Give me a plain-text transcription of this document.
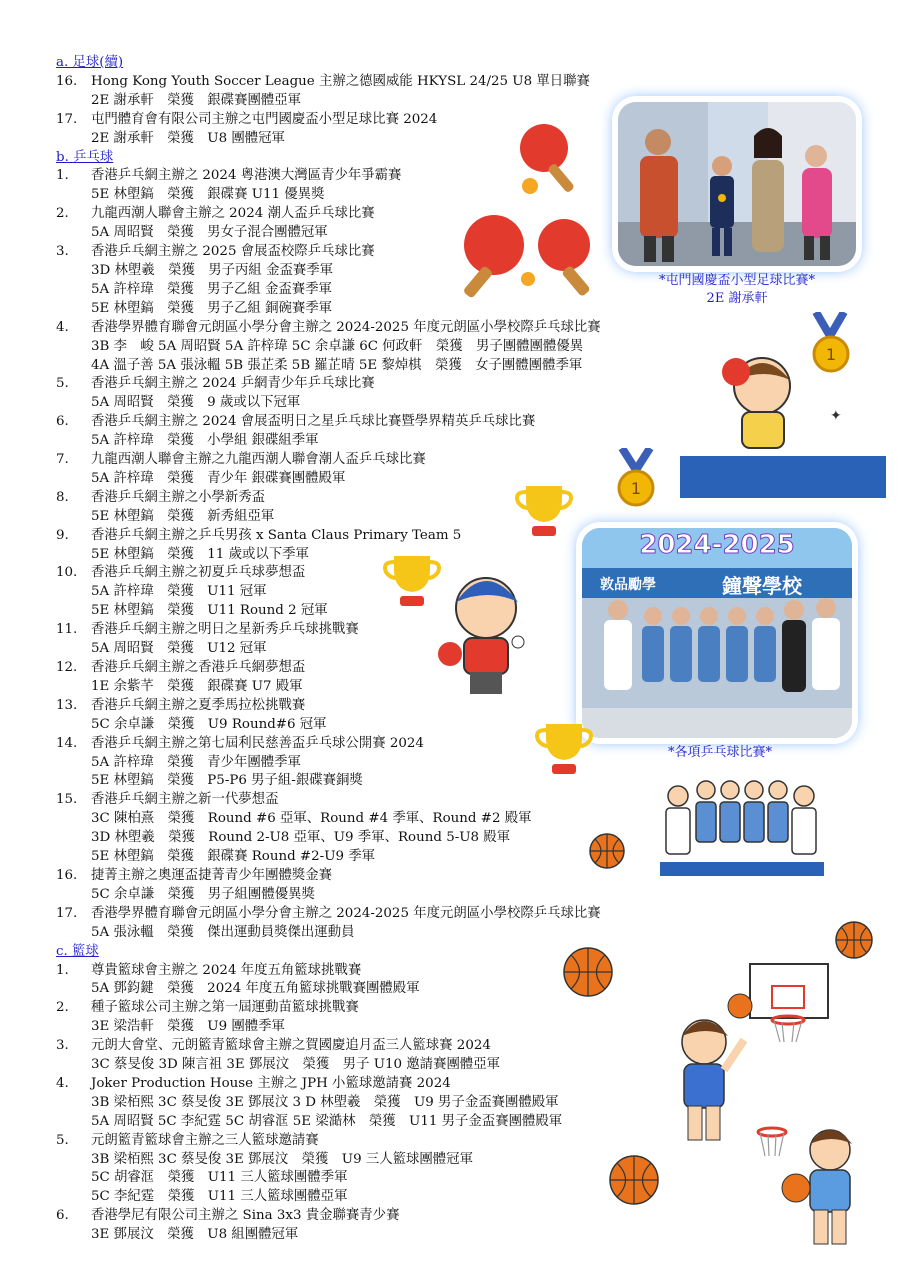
a. 足球(續)
16. Hong Kong Youth Soccer League 主辦之德國威能 HKYSL 24/25 U8 單日聯賽
2E 謝承軒　榮獲　銀碟賽團體亞軍
17. 屯門體育會有限公司主辦之屯門國慶盃小型足球比賽 2024
2E 謝承軒　榮獲　U8 團體冠軍
b. 乒乓球
1. 香港乒乓網主辦之 2024 粵港澳大灣區青少年爭霸賽
5E 林塱鎬　榮獲　銀碟賽 U11 優異獎
2. 九龍西潮人聯會主辦之 2024 潮人盃乒乓球比賽
5A 周昭賢　榮獲　男女子混合團體冠軍
3. 香港乒乓網主辦之 2025 會展盃校際乒乓球比賽
3D 林塱羲　榮獲　男子丙組 金盃賽季軍
5A 許梓瑋　榮獲　男子乙組 金盃賽季軍
5E 林塱鎬　榮獲　男子乙組 銅碗賽季軍
4. 香港學界體育聯會元朗區小學分會主辦之 2024-2025 年度元朗區小學校際乒乓球比賽
3B 李　峻 5A 周昭賢 5A 許梓瑋 5C 余卓謙 6C 何政軒　榮獲　男子團體團體優異
4A 溫子善 5A 張泳轀 5B 張芷柔 5B 羅芷晴 5E 黎焯棋　榮獲　女子團體團體季軍
5. 香港乒乓網主辦之 2024 乒網青少年乒乓球比賽
5A 周昭賢　榮獲　9 歲或以下冠軍
6. 香港乒乓網主辦之 2024 會展盃明日之星乒乓球比賽暨學界精英乒乓球比賽
5A 許梓瑋　榮獲　小學組 銀碟組季軍
7. 九龍西潮人聯會主辦之九龍西潮人聯會潮人盃乒乓球比賽
5A 許梓瑋　榮獲　青少年 銀碟賽團體殿軍
8. 香港乒乓網主辦之小學新秀盃
5E 林塱鎬　榮獲　新秀組亞軍
9. 香港乒乓網主辦之乒乓男孩 x Santa Claus Primary Team 5
5E 林塱鎬　榮獲　11 歲或以下季軍
10. 香港乒乓網主辦之初夏乒乓球夢想盃
5A 許梓瑋　榮獲　U11 冠軍
5E 林塱鎬　榮獲　U11 Round 2 冠軍
11. 香港乒乓網主辦之明日之星新秀乒乓球挑戰賽
5A 周昭賢　榮獲　U12 冠軍
12. 香港乒乓網主辦之香港乒乓網夢想盃
1E 余紫芊　榮獲　銀碟賽 U7 殿軍
13. 香港乒乓網主辦之夏季馬拉松挑戰賽
5C 余卓謙　榮獲　U9 Round#6 冠軍
14. 香港乒乓網主辦之第七屆利民慈善盃乒乓球公開賽 2024
5A 許梓瑋　榮獲　青少年團體季軍
5E 林塱鎬　榮獲　P5-P6 男子組-銀碟賽銅獎
15. 香港乒乓網主辦之新一代夢想盃
3C 陳柏熹　榮獲　Round #6 亞軍、Round #4 季軍、Round #2 殿軍
3D 林塱羲　榮獲　Round 2-U8 亞軍、U9 季軍、Round 5-U8 殿軍
5E 林塱鎬　榮獲　銀碟賽 Round #2-U9 季軍
16. 捷菁主辦之奧運盃捷菁青少年團體獎金賽
5C 余卓謙　榮獲　男子組團體優異獎
17. 香港學界體育聯會元朗區小學分會主辦之 2024-2025 年度元朗區小學校際乒乓球比賽
5A 張泳轀　榮獲　傑出運動員獎傑出運動員
c. 籃球
1. 尊貴籃球會主辦之 2024 年度五角籃球挑戰賽
5A 鄧鈞鍵　榮獲　2024 年度五角籃球挑戰賽團體殿軍
2. 種子籃球公司主辦之第一屆運動苗籃球挑戰賽
3E 梁浩軒　榮獲　U9 團體季軍
3. 元朗大會堂、元朗籃青籃球會主辦之賀國慶追月盃三人籃球賽 2024
3C 蔡旻俊 3D 陳言祖 3E 鄧展汶　榮獲　男子 U10 邀請賽團體亞軍
4. Joker Production House 主辦之 JPH 小籃球邀請賽 2024
3B 梁栢熙 3C 蔡旻俊 3E 鄧展汶 3 D 林塱羲　榮獲　U9 男子金盃賽團體殿軍
5A 周昭賢 5C 李紀霆 5C 胡睿洭 5E 梁澔林　榮獲　U11 男子金盃賽團體殿軍
5. 元朗籃青籃球會主辦之三人籃球邀請賽
3B 梁栢熙 3C 蔡旻俊 3E 鄧展汶　榮獲　U9 三人籃球團體冠軍
5C 胡睿洭　榮獲　U11 三人籃球團體季軍
5C 李紀霆　榮獲　U11 三人籃球團體亞軍
6. 香港學尼有限公司主辦之 Sina 3x3 貴金聯賽青少賽
3E 鄧展汶　榮獲　U8 組團體冠軍
*屯門國慶盃小型足球比賽*
2E 謝承軒
2024-2025
敦品勵學	鐘聲學校
*各項乒乓球比賽*
1
✦
1
